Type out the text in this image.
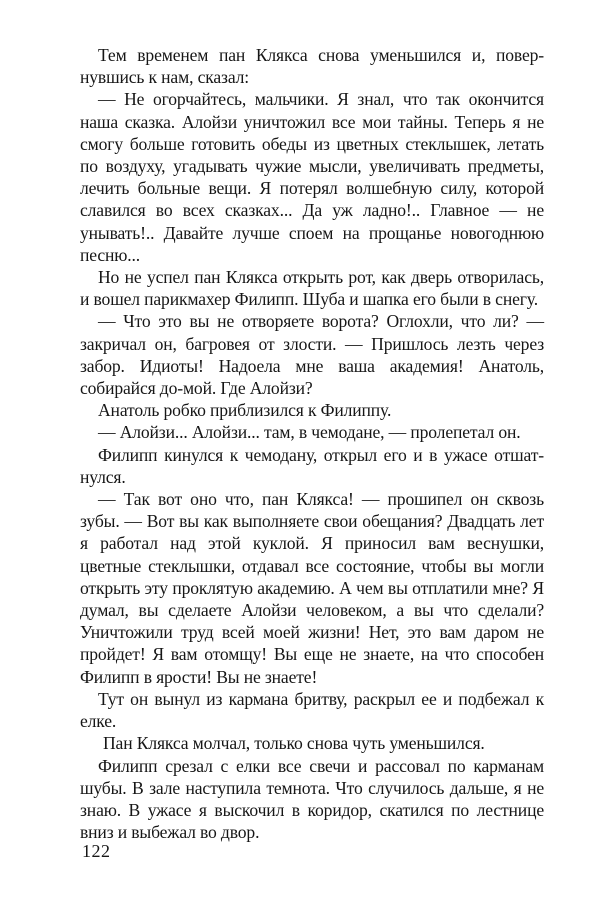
Тем временем пан Клякса снова уменьшился и, повер-нувшись к нам, сказал:

— Не огорчайтесь, мальчики. Я знал, что так окончится наша сказка. Алойзи уничтожил все мои тайны. Теперь я не смогу больше готовить обеды из цветных стеклышек, летать по воздуху, угадывать чужие мысли, увеличивать предметы, лечить больные вещи. Я потерял волшебную силу, которой славился во всех сказках... Да уж ладно!.. Главное — не унывать!.. Давайте лучше споем на прощанье новогоднюю песню...

Но не успел пан Клякса открыть рот, как дверь отворилась, и вошел парикмахер Филипп. Шуба и шапка его были в снегу.

— Что это вы не отворяете ворота? Оглохли, что ли? — закричал он, багровея от злости. — Пришлось лезть через забор. Идиоты! Надоела мне ваша академия! Анатоль, собирайся до-мой. Где Алойзи?

Анатоль робко приблизился к Филиппу.

— Алойзи... Алойзи... там, в чемодане, — пролепетал он.

Филипп кинулся к чемодану, открыл его и в ужасе отшат-нулся.

— Так вот оно что, пан Клякса! — прошипел он сквозь зубы. — Вот вы как выполняете свои обещания? Двадцать лет я работал над этой куклой. Я приносил вам веснушки, цветные стеклышки, отдавал все состояние, чтобы вы могли открыть эту проклятую академию. А чем вы отплатили мне? Я думал, вы сделаете Алойзи человеком, а вы что сделали? Уничтожили труд всей моей жизни! Нет, это вам даром не пройдет! Я вам отомщу! Вы еще не знаете, на что способен Филипп в ярости! Вы не знаете!

Тут он вынул из кармана бритву, раскрыл ее и подбежал к елке.

Пан Клякса молчал, только снова чуть уменьшился.

Филипп срезал с елки все свечи и рассовал по карманам шубы. В зале наступила темнота. Что случилось дальше, я не знаю. В ужасе я выскочил в коридор, скатился по лестнице вниз и выбежал во двор.

122
